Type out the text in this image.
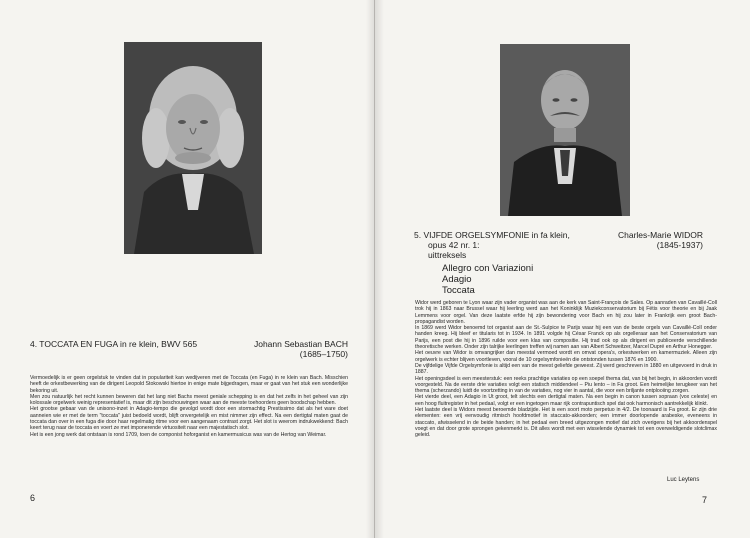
4. TOCCATA EN FUGA in re klein, BWV 565	Johann Sebastian BACH
(1685–1750)

Vermoedelijk is er geen orgelstuk te vinden dat in populariteit kan wedijveren met de Toccata (en Fuga) in re klein van Bach. Misschien heeft de orkestbewerking van de dirigent Leopold Stokowski hiertoe in enige mate bijgedragen, maar er gaat van het stuk een wonderlijke bekoring uit.

Men zou natuurlijk het recht kunnen beweren dat het lang niet Bachs meest geniale schepping is en dat het zelfs in het geheel van zijn kolossale orgelwerk weinig representatief is, maar dit zijn beschouwingen waar aan de meeste toehoorders geen boodschap hebben.

Het grootse gebaar van de unisono-inzet in Adagio-tempo die gevolgd wordt door een stormachtig Prestissimo dat als het ware doet aanneien wie er met de term "toccata" juist bedoeld wordt, blijft onvergetelijk en mist nimmer zijn effect. Na een dertigtal maten gaat de toccata dan over in een fuga die door haar regelmatig ritme voor een aangenaam contrast zorgt. Het slot is weerom indrukwekkend: Bach keert terug naar de toccata en voert ze met imponerende virtuositeit naar een majestatisch slot.

Het is een jong werk dat ontstaan is rond 1709, toen de componist hoforganist en kamermusicus was van de Hertog van Weimar.

6
5. VIJFDE ORGELSYMFONIE in fa klein,
opus 42 nr. 1:
uittreksels
Charles-Marie WIDOR
(1845-1937)
Allegro con Variazioni
Adagio
Toccata

Widor werd geboren te Lyon waar zijn vader organist was aan de kerk van Saint-François de Sales. Op aanraden van Cavaillé-Coll trok hij in 1863 naar Brussel waar hij leerling werd aan het Koninklijk Muziekconservatorium bij Fétis voor theorie en bij Jaak Lemmens voor orgel. Van deze laatste erfde hij zijn bewondering voor Bach en hij zou later in Frankrijk een groot Bach-propagandist worden.

In 1869 werd Widor benoemd tot organist aan de St.-Sulpice te Parijs waar hij een van de beste orgels van Cavaillé-Coll onder handen kreeg. Hij bleef er titularis tot in 1934. In 1891 volgde hij César Franck op als orgelleraar aan het Conservatorium van Parijs, een post die hij in 1896 ruilde voor een klas van compositie. Hij trad ook op als dirigent en publiceerde verschillende theoretische werken. Onder zijn talrijke leerlingen treffen wij namen aan van Albert Schweitzer, Marcel Dupré en Arthur Honegger.

Het oeuvre van Widor is omvangrijker dan meestal vermoed wordt en omvat opera's, orkestwerken en kamermuziek. Alleen zijn orgelwerk is echter blijven voortleven, vooral de 10 orgelsymfonieën die ontstonden tussen 1876 en 1900.

De vijfdelige Vijfde Orgelsymfonie is altijd een van de meest geliefde geweest. Zij werd geschreven in 1880 en uitgevoerd in druk in 1887.

Het openingsdeel is een meesterstuk: een reeks prachtige variaties op een soepel thema dat, van bij het begin, in akkoorden wordt voorgesteld. Na de eerste drie variaties volgt een statisch middendeel – Piu lento – in Fa groot. Een heimelijke terugkeer van het thema (scherzando) luidt de voortzetting in van de variaties, nog vier in aantal, die voor een briljante ontplooiing zorgen.

Het vierde deel, een Adagio in Ut groot, telt slechts een dertigtal maten. Na een begin in canon tussen sopraan (vox celeste) en een hoog fluitregister in het pedaal, volgt er een ingetogen maar rijk contrapuntisch spel dat ook harmonisch aantrekkelijk klinkt.

Het laatste deel is Widors meest beroemde bladzijde. Het is een soort moto perpetuo in 4/2. De toonaard is Fa groot. Er zijn drie elementen: een vrij eenvoudig ritmisch hoofdmotief in staccato-akkoorden; een immer doorlopende arabeske, eveneens in staccato, afwisselend in de beide handen; in het pedaal een breed uitgezongen motief dat zich overigens bij het akkoordenspel voegt en dat door grote sprongen gekenmerkt is. Dit alles wordt met een wisselende dynamiek tot een overweldigende slotclimax geleid.

Luc Leytens
7
